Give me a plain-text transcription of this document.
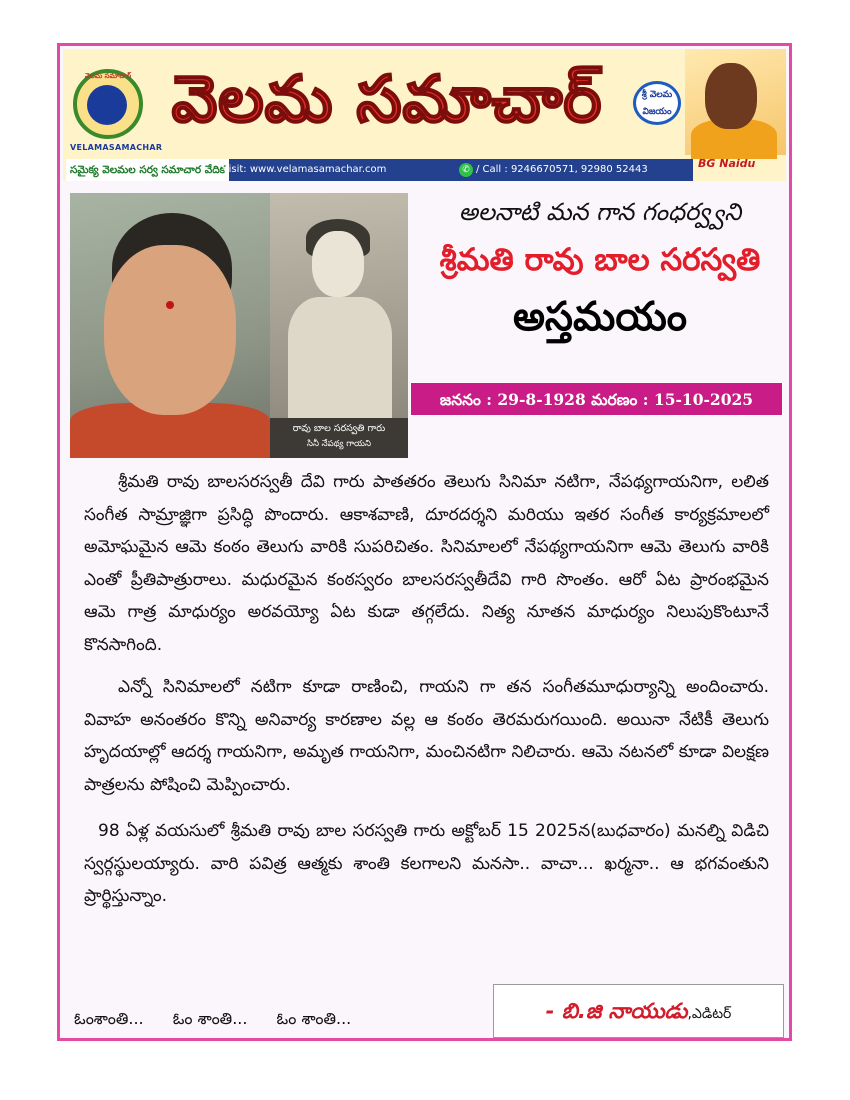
వెలమ సమాచార్
VELAMASAMACHAR
వెలమ సమాచార్	శ్రీ వెలమ విజయం
సమైక్య వెలమల సర్వ సమాచార వేదిక
Visit: www.velamasamachar.com	✆ / Call : 9246670571, 92980 52443	BG Naidu
రావు బాల సరస్వతి గారు
సినీ నేపథ్య గాయని
అలనాటి మన గాన గంధర్వ్వని
శ్రీమతి రావు బాల సరస్వతి
అస్తమయం
జననం : 29-8-1928 మరణం : 15-10-2025

శ్రీమతి రావు బాలసరస్వతీ దేవి గారు పాతతరం తెలుగు సినిమా నటిగా, నేపథ్యగాయనిగా, లలిత సంగీత సామ్రాజ్ఞిగా ప్రసిద్ధి పొందారు. ఆకాశవాణి, దూరదర్శని మరియు ఇతర సంగీత కార్యక్రమాలలో అమోఘమైన ఆమె కంఠం తెలుగు వారికి సుపరిచితం. సినిమాలలో నేపథ్యగాయనిగా ఆమె తెలుగు వారికి ఎంతో ప్రీతిపాత్రురాలు. మధురమైన కంఠస్వరం బాలసరస్వతీదేవి గారి సొంతం. ఆరో ఏట ప్రారంభమైన ఆమె గాత్ర మాధుర్యం అరవయ్యో ఏట కుడా తగ్గలేదు. నిత్య నూతన మాధుర్యం నిలుపుకొంటూనే కొనసాగింది.

ఎన్నో సినిమాలలో నటిగా కూడా రాణించి, గాయని గా తన సంగీతమూధుర్యాన్ని అందించారు. వివాహ అనంతరం కొన్ని అనివార్య కారణాల వల్ల ఆ కంఠం తెరమరుగయింది. అయినా నేటికీ తెలుగు హృదయాల్లో ఆదర్శ గాయనిగా, అమృత గాయనిగా, మంచినటిగా నిలిచారు. ఆమె నటనలో కూడా విలక్షణ పాత్రలను పోషించి మెప్పించారు.

98 ఏళ్ల వయసులో శ్రీమతి రావు బాల సరస్వతి గారు అక్టోబర్ 15 2025న(బుధవారం) మనల్ని విడిచి స్వర్గస్థులయ్యారు. వారి పవిత్ర ఆత్మకు శాంతి కలగాలని మనసా.. వాచా... ఖర్మనా.. ఆ భగవంతుని ప్రార్థిస్తున్నాం.

ఓంశాంతి... ఓం శాంతి... ఓం శాంతి...	- బి.జి నాయుడు,ఎడిటర్
